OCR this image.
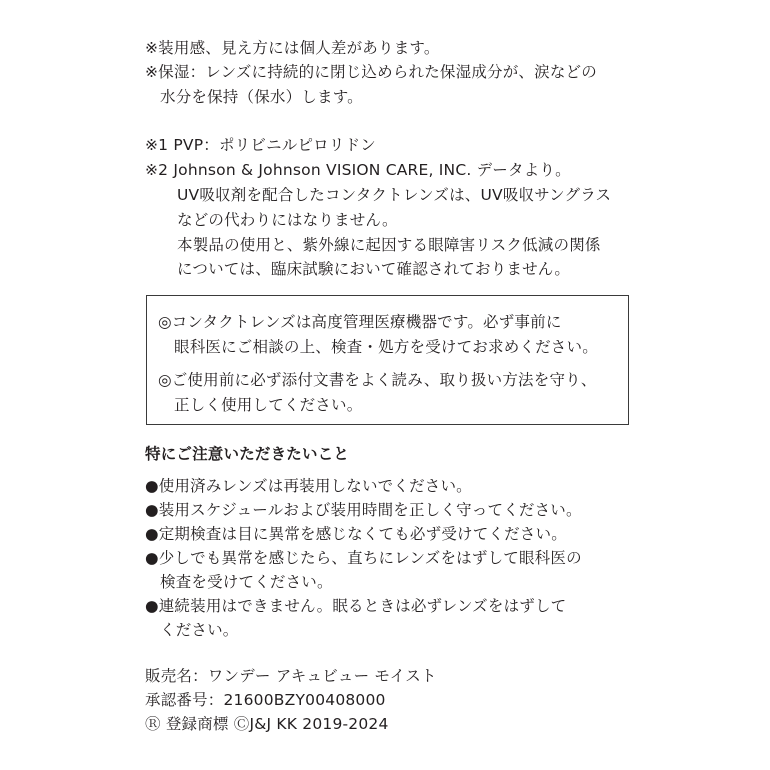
※装用感、見え方には個人差があります。
※保湿：レンズに持続的に閉じ込められた保湿成分が、涙などの
水分を保持（保水）します。
※1 PVP：ポリビニルピロリドン
※2 Johnson & Johnson VISION CARE, INC. データより。
UV吸収剤を配合したコンタクトレンズは、UV吸収サングラス
などの代わりにはなりません。
本製品の使用と、紫外線に起因する眼障害リスク低減の関係
については、臨床試験において確認されておりません。
◎コンタクトレンズは高度管理医療機器です。必ず事前に
眼科医にご相談の上、検査・処方を受けてお求めください。
◎ご使用前に必ず添付文書をよく読み、取り扱い方法を守り、
正しく使用してください。
特にご注意いただきたいこと
●使用済みレンズは再装用しないでください。
●装用スケジュールおよび装用時間を正しく守ってください。
●定期検査は目に異常を感じなくても必ず受けてください。
●少しでも異常を感じたら、直ちにレンズをはずして眼科医の
検査を受けてください。
●連続装用はできません。眠るときは必ずレンズをはずして
ください。
販売名：ワンデー アキュビュー モイスト
承認番号：21600BZY00408000
Ⓡ 登録商標 ⒸJ&J KK 2019-2024
